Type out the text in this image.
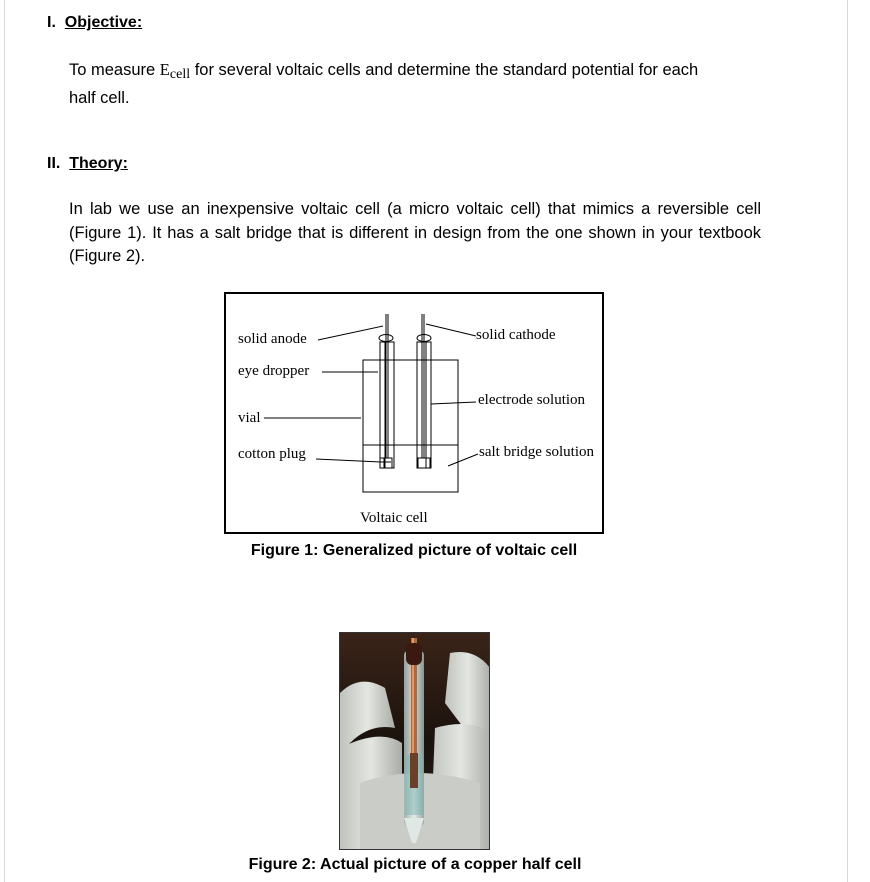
I. Objective:
To measure $E_{cell}$ for several voltaic cells and determine the standard potential for each
half cell.
II. Theory:
In lab we use an inexpensive voltaic cell (a micro voltaic cell) that mimics a reversible cell (Figure 1). It has a salt bridge that is different in design from the one shown in your textbook (Figure 2).
solid anode
eye dropper
vial
cotton plug
solid cathode
electrode solution
salt bridge solution
Voltaic cell
Figure 1: Generalized picture of voltaic cell
Figure 2: Actual picture of a copper half cell
